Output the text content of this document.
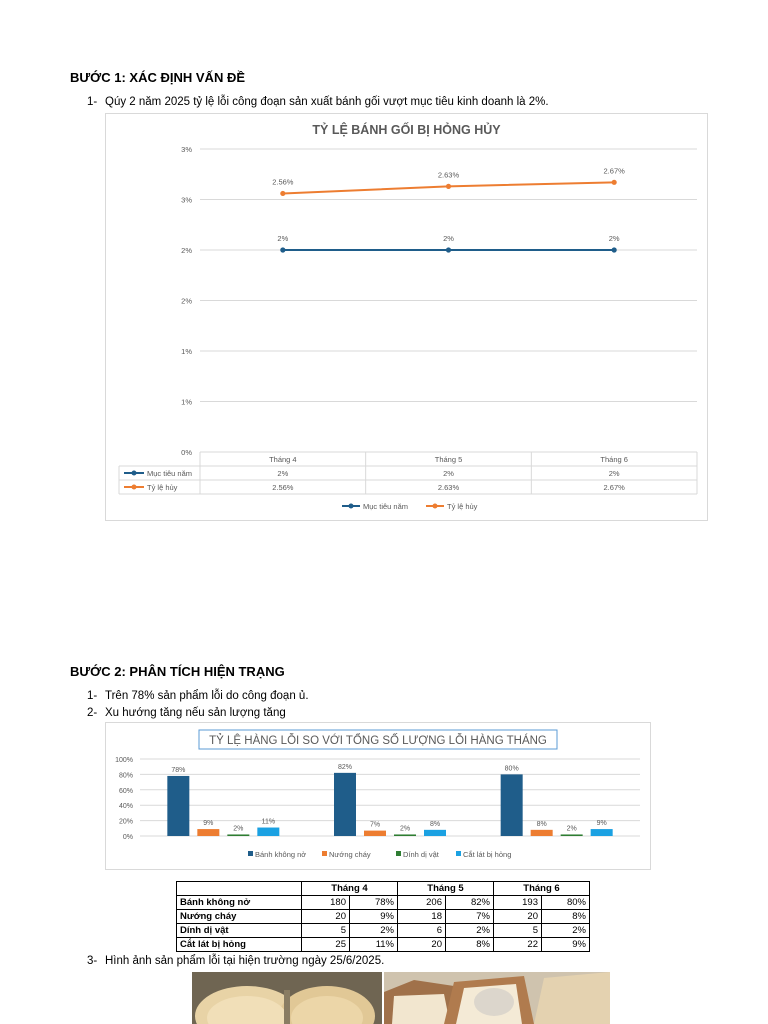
BƯỚC 1: XÁC ĐỊNH VẤN ĐỀ
1- Qúy 2 năm 2025 tỷ lệ lỗi công đoạn sản xuất bánh gối vượt mục tiêu kinh doanh là 2%.
TỶ LỆ BÁNH GỐI BỊ HỎNG HỦY
3%
3%
2%
2%
1%
1%
0%
2%	2%	2%
2.56%
2.63%	2.67%
Tháng 4	Tháng 5	Tháng 6
Mục tiêu năm	2%	2%	2%
Tỷ lệ hủy	2.56%	2.63%	2.67%
Mục tiêu năm	Tỷ lệ hủy
BƯỚC 2: PHÂN TÍCH HIỆN TRẠNG
1- Trên 78% sản phẩm lỗi do công đoạn ủ.
2- Xu hướng tăng nếu sản lượng tăng
TỶ LỆ HÀNG LỖI SO VỚI TỔNG SỐ LƯỢNG LỖI HÀNG THÁNG
100%
80%
60%
40%
20%
0%
78%
9%
2%
11%
82%
7%
2%
8%
80%
8%
2%
9%
Bánh không nở	Nướng cháy	Dính dị vật	Cắt lát bị hỏng
	Tháng 4		Tháng 5		Tháng 6	
Bánh không nở	180	78%	206	82%	193	80%
Nướng cháy	20	9%	18	7%	20	8%
Dính dị vật	5	2%	6	2%	5	2%
Cắt lát bị hỏng	25	11%	20	8%	22	9%
3- Hình ảnh sản phẩm lỗi tại hiện trường ngày 25/6/2025.
